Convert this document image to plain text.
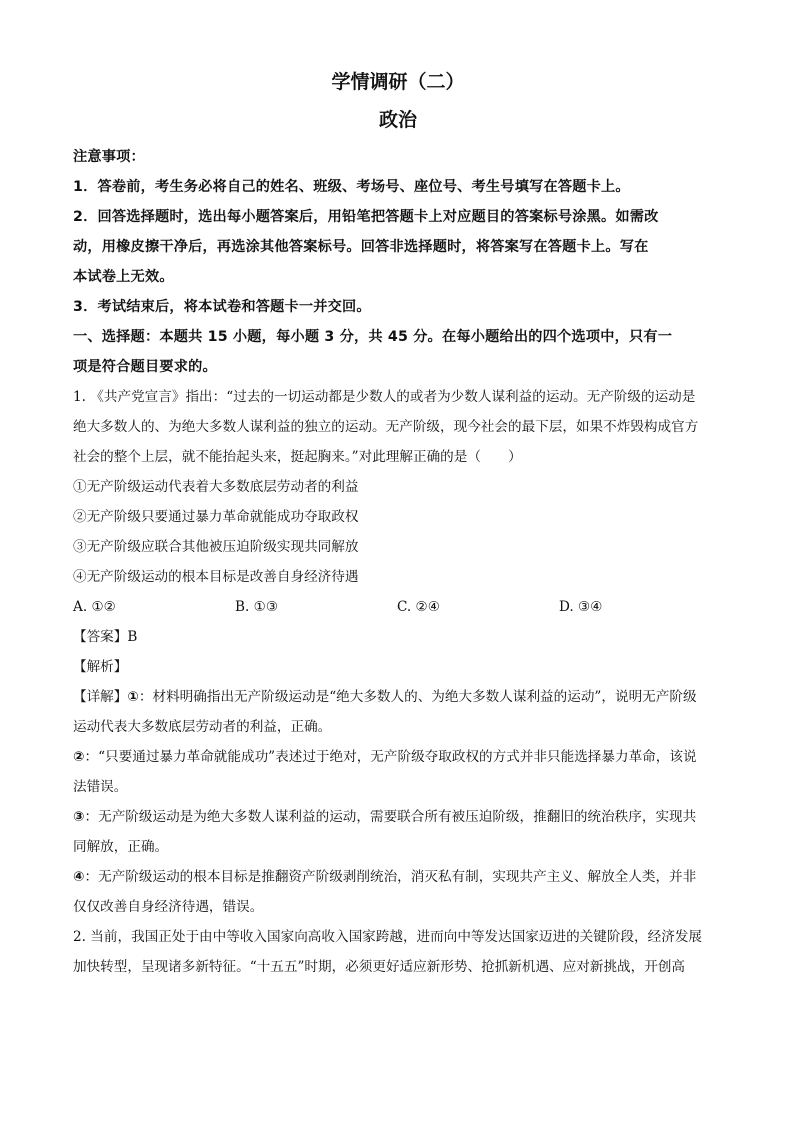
学情调研（二）

政治

注意事项：

1．答卷前，考生务必将自己的姓名、班级、考场号、座位号、考生号填写在答题卡上。

2．回答选择题时，选出每小题答案后，用铅笔把答题卡上对应题目的答案标号涂黑。如需改

动，用橡皮擦干净后，再选涂其他答案标号。回答非选择题时，将答案写在答题卡上。写在

本试卷上无效。

3．考试结束后，将本试卷和答题卡一并交回。

一、选择题：本题共 15 小题，每小题 3 分，共 45 分。在每小题给出的四个选项中，只有一

项是符合题目要求的。

1. 《共产党宣言》指出：“过去的一切运动都是少数人的或者为少数人谋利益的运动。无产阶级的运动是

绝大多数人的、为绝大多数人谋利益的独立的运动。无产阶级，现今社会的最下层，如果不炸毁构成官方

社会的整个上层，就不能抬起头来，挺起胸来。”对此理解正确的是（　　）

①无产阶级运动代表着大多数底层劳动者的利益

②无产阶级只要通过暴力革命就能成功夺取政权

③无产阶级应联合其他被压迫阶级实现共同解放

④无产阶级运动的根本目标是改善自身经济待遇

A. ①②	B. ①③	C. ②④	D. ③④

【答案】B

【解析】

【详解】①：材料明确指出无产阶级运动是“绝大多数人的、为绝大多数人谋利益的运动”，说明无产阶级

运动代表大多数底层劳动者的利益，正确。

②：“只要通过暴力革命就能成功”表述过于绝对，无产阶级夺取政权的方式并非只能选择暴力革命，该说

法错误。

③：无产阶级运动是为绝大多数人谋利益的运动，需要联合所有被压迫阶级，推翻旧的统治秩序，实现共

同解放，正确。

④：无产阶级运动的根本目标是推翻资产阶级剥削统治，消灭私有制，实现共产主义、解放全人类，并非

仅仅改善自身经济待遇，错误。

2. 当前，我国正处于由中等收入国家向高收入国家跨越，进而向中等发达国家迈进的关键阶段，经济发展

加快转型，呈现诸多新特征。“十五五”时期，必须更好适应新形势、抢抓新机遇、应对新挑战，开创高
